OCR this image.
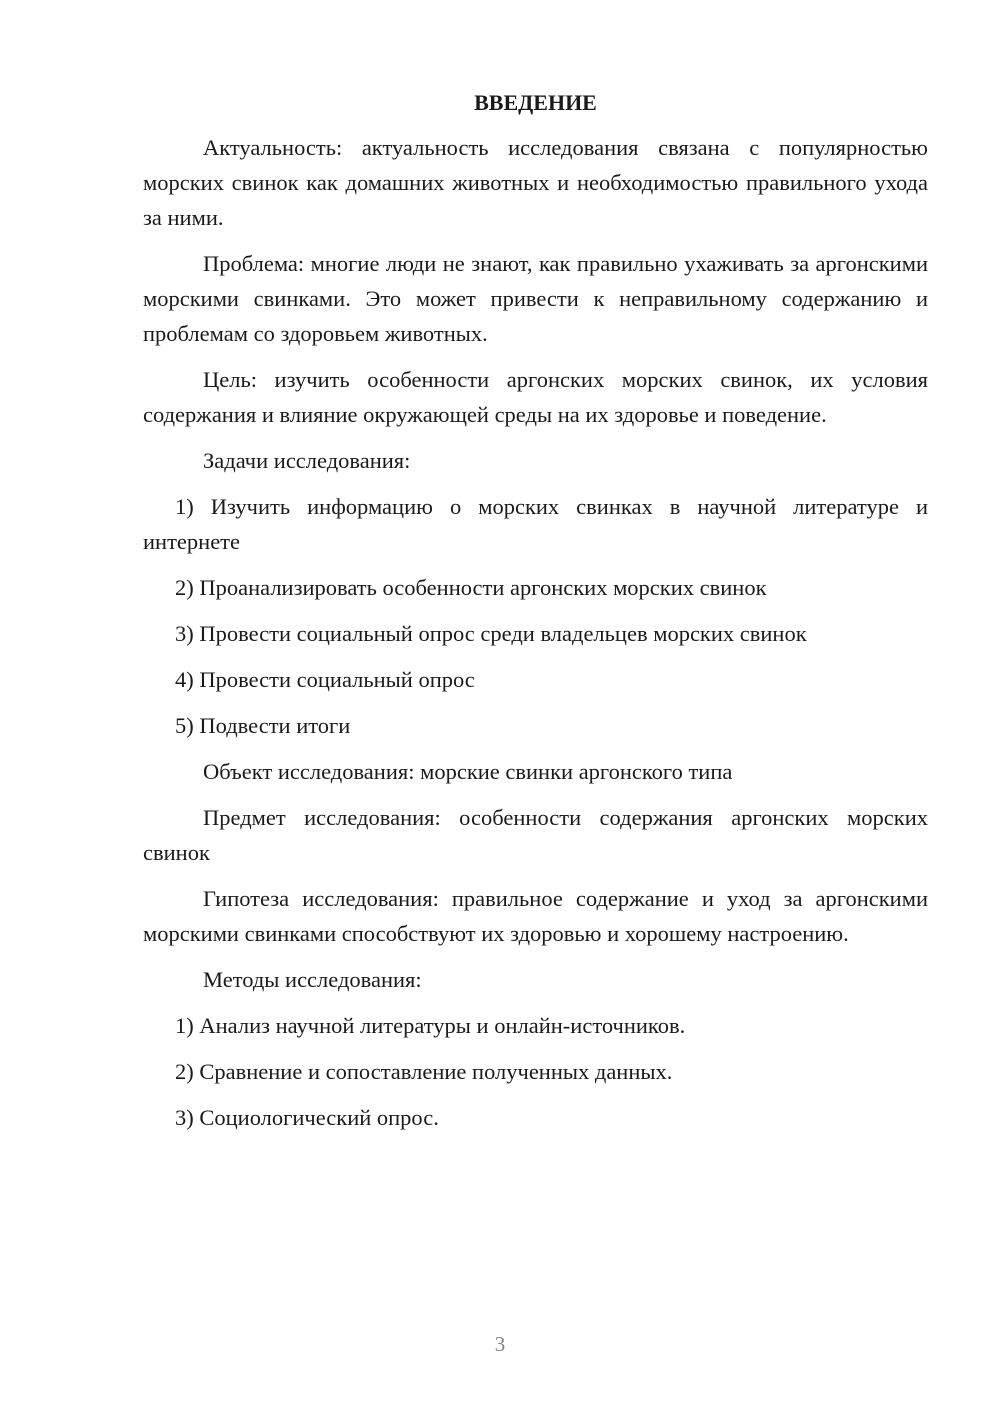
ВВЕДЕНИЕ

Актуальность: актуальность исследования связана с популярностью морских свинок как домашних животных и необходимостью правильного ухода за ними.

Проблема: многие люди не знают, как правильно ухаживать за аргонскими морскими свинками. Это может привести к неправильному содержанию и проблемам со здоровьем животных.

Цель: изучить особенности аргонских морских свинок, их условия содержания и влияние окружающей среды на их здоровье и поведение.

Задачи исследования:

1) Изучить информацию о морских свинках в научной литературе и интернете

2) Проанализировать особенности аргонских морских свинок

3) Провести социальный опрос среди владельцев морских свинок

4) Провести социальный опрос

5) Подвести итоги

Объект исследования: морские свинки аргонского типа

Предмет исследования: особенности содержания аргонских морских свинок

Гипотеза исследования: правильное содержание и уход за аргонскими морскими свинками способствуют их здоровью и хорошему настроению.

Методы исследования:

1) Анализ научной литературы и онлайн-источников.

2) Сравнение и сопоставление полученных данных.

3) Социологический опрос.

3
